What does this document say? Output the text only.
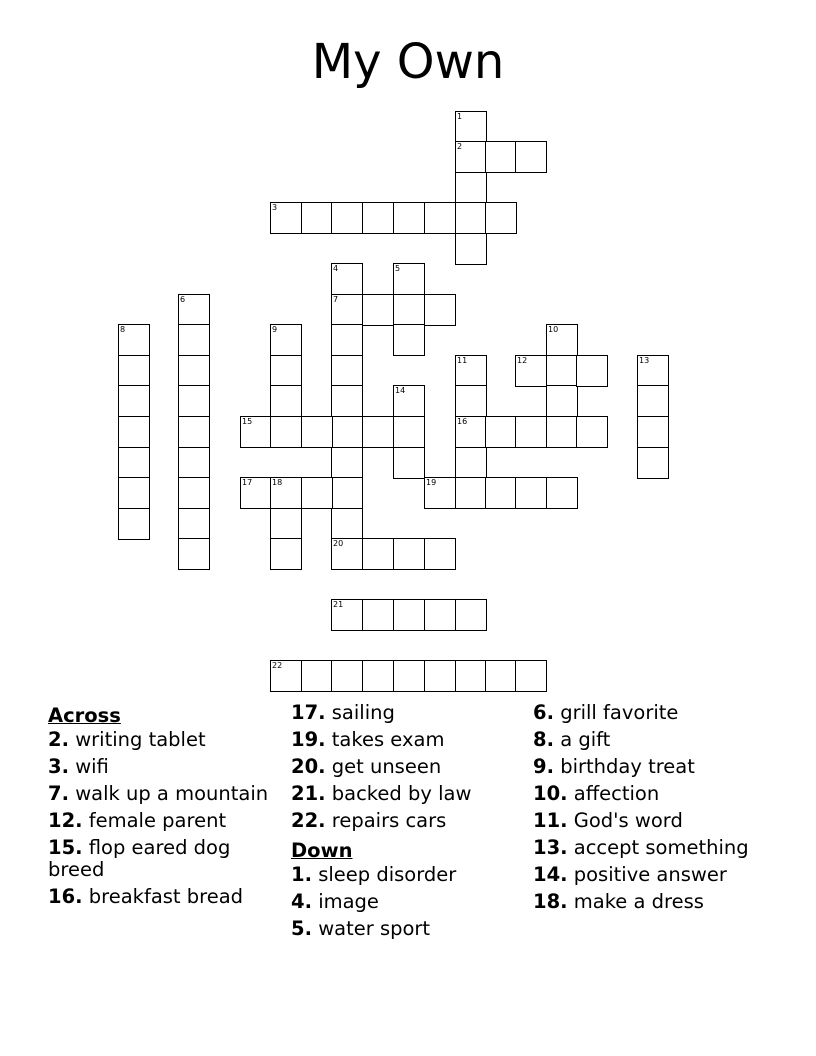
My Own
1
2
3
4
7
5
6
8	9	10
11
16
12	13
14
15
17 18	19
20
21
22
Across
2. writing tablet
3. wifi
7. walk up a mountain
12. female parent
15. flop eared dog breed
16. breakfast bread
17. sailing
19. takes exam
20. get unseen
21. backed by law
22. repairs cars
Down
1. sleep disorder
4. image
5. water sport
6. grill favorite
8. a gift
9. birthday treat
10. affection
11. God's word
13. accept something
14. positive answer
18. make a dress
